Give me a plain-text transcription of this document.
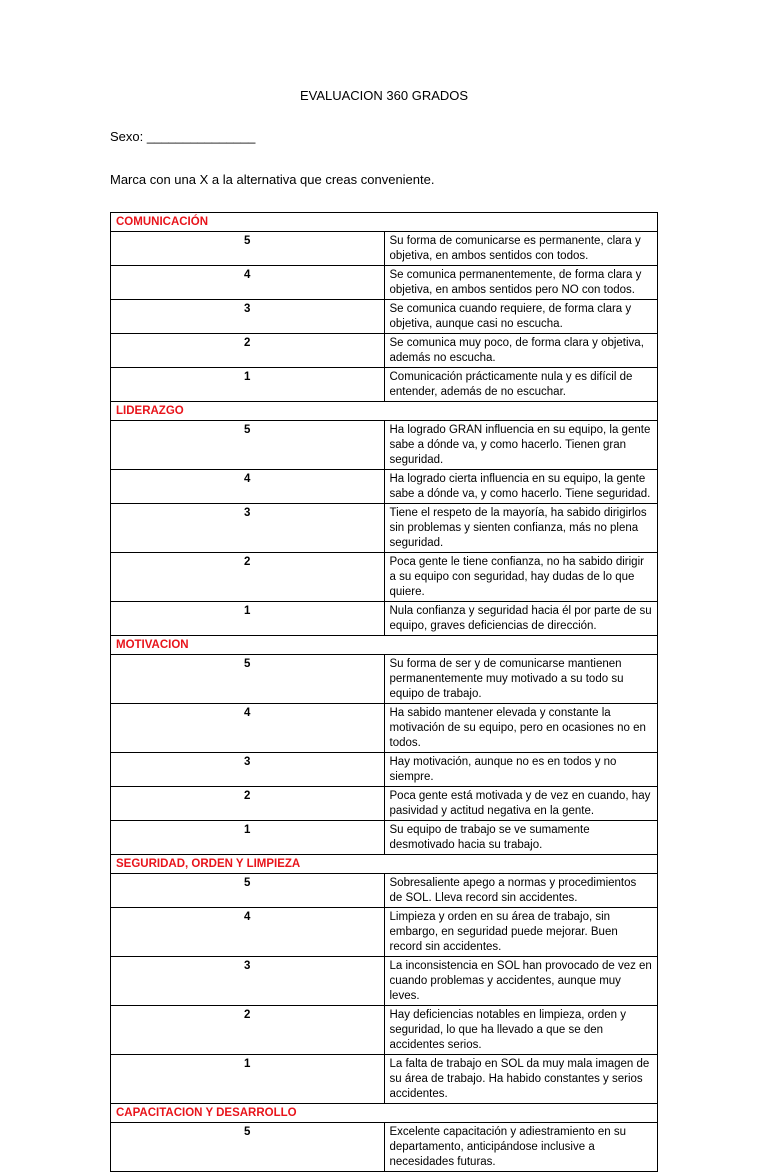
EVALUACION 360 GRADOS
Sexo: _______________
Marca con una X a la alternativa que creas conveniente.
COMUNICACIÓN	
5	Su forma de comunicarse es permanente, clara y objetiva, en ambos sentidos con todos.
4	Se comunica permanentemente, de forma clara y objetiva, en ambos sentidos pero NO con todos.
3	Se comunica cuando requiere, de forma clara y objetiva, aunque casi no escucha.
2	Se comunica muy poco, de forma clara y objetiva, además no escucha.
1	Comunicación prácticamente nula y es difícil de entender, además de no escuchar.
LIDERAZGO	
5	Ha logrado GRAN influencia en su equipo, la gente sabe a dónde va, y como hacerlo. Tienen gran seguridad.
4	Ha logrado cierta influencia en su equipo, la gente sabe a dónde va, y como hacerlo. Tiene seguridad.
3	Tiene el respeto de la mayoría, ha sabido dirigirlos sin problemas y sienten confianza, más no plena seguridad.
2	Poca gente le tiene confianza, no ha sabido dirigir a su equipo con seguridad, hay dudas de lo que quiere.
1	Nula confianza y seguridad hacia él por parte de su equipo, graves deficiencias de dirección.
MOTIVACION	
5	Su forma de ser y de comunicarse mantienen permanentemente muy motivado a su todo su equipo de trabajo.
4	Ha sabido mantener elevada y constante la motivación de su equipo, pero en ocasiones no en todos.
3	Hay motivación, aunque no es en todos y no siempre.
2	Poca gente está motivada y de vez en cuando, hay pasividad y actitud negativa en la gente.
1	Su equipo de trabajo se ve sumamente desmotivado hacia su trabajo.
SEGURIDAD, ORDEN Y LIMPIEZA	
5	Sobresaliente apego a normas y procedimientos de SOL. Lleva record sin accidentes.
4	Limpieza y orden en su área de trabajo, sin embargo, en seguridad puede mejorar. Buen record sin accidentes.
3	La inconsistencia en SOL han provocado de vez en cuando problemas y accidentes, aunque muy leves.
2	Hay deficiencias notables en limpieza, orden y seguridad, lo que ha llevado a que se den accidentes serios.
1	La falta de trabajo en SOL da muy mala imagen de su área de trabajo. Ha habido constantes y serios accidentes.
CAPACITACION Y DESARROLLO	
5	Excelente capacitación y adiestramiento en su departamento, anticipándose inclusive a necesidades futuras.
